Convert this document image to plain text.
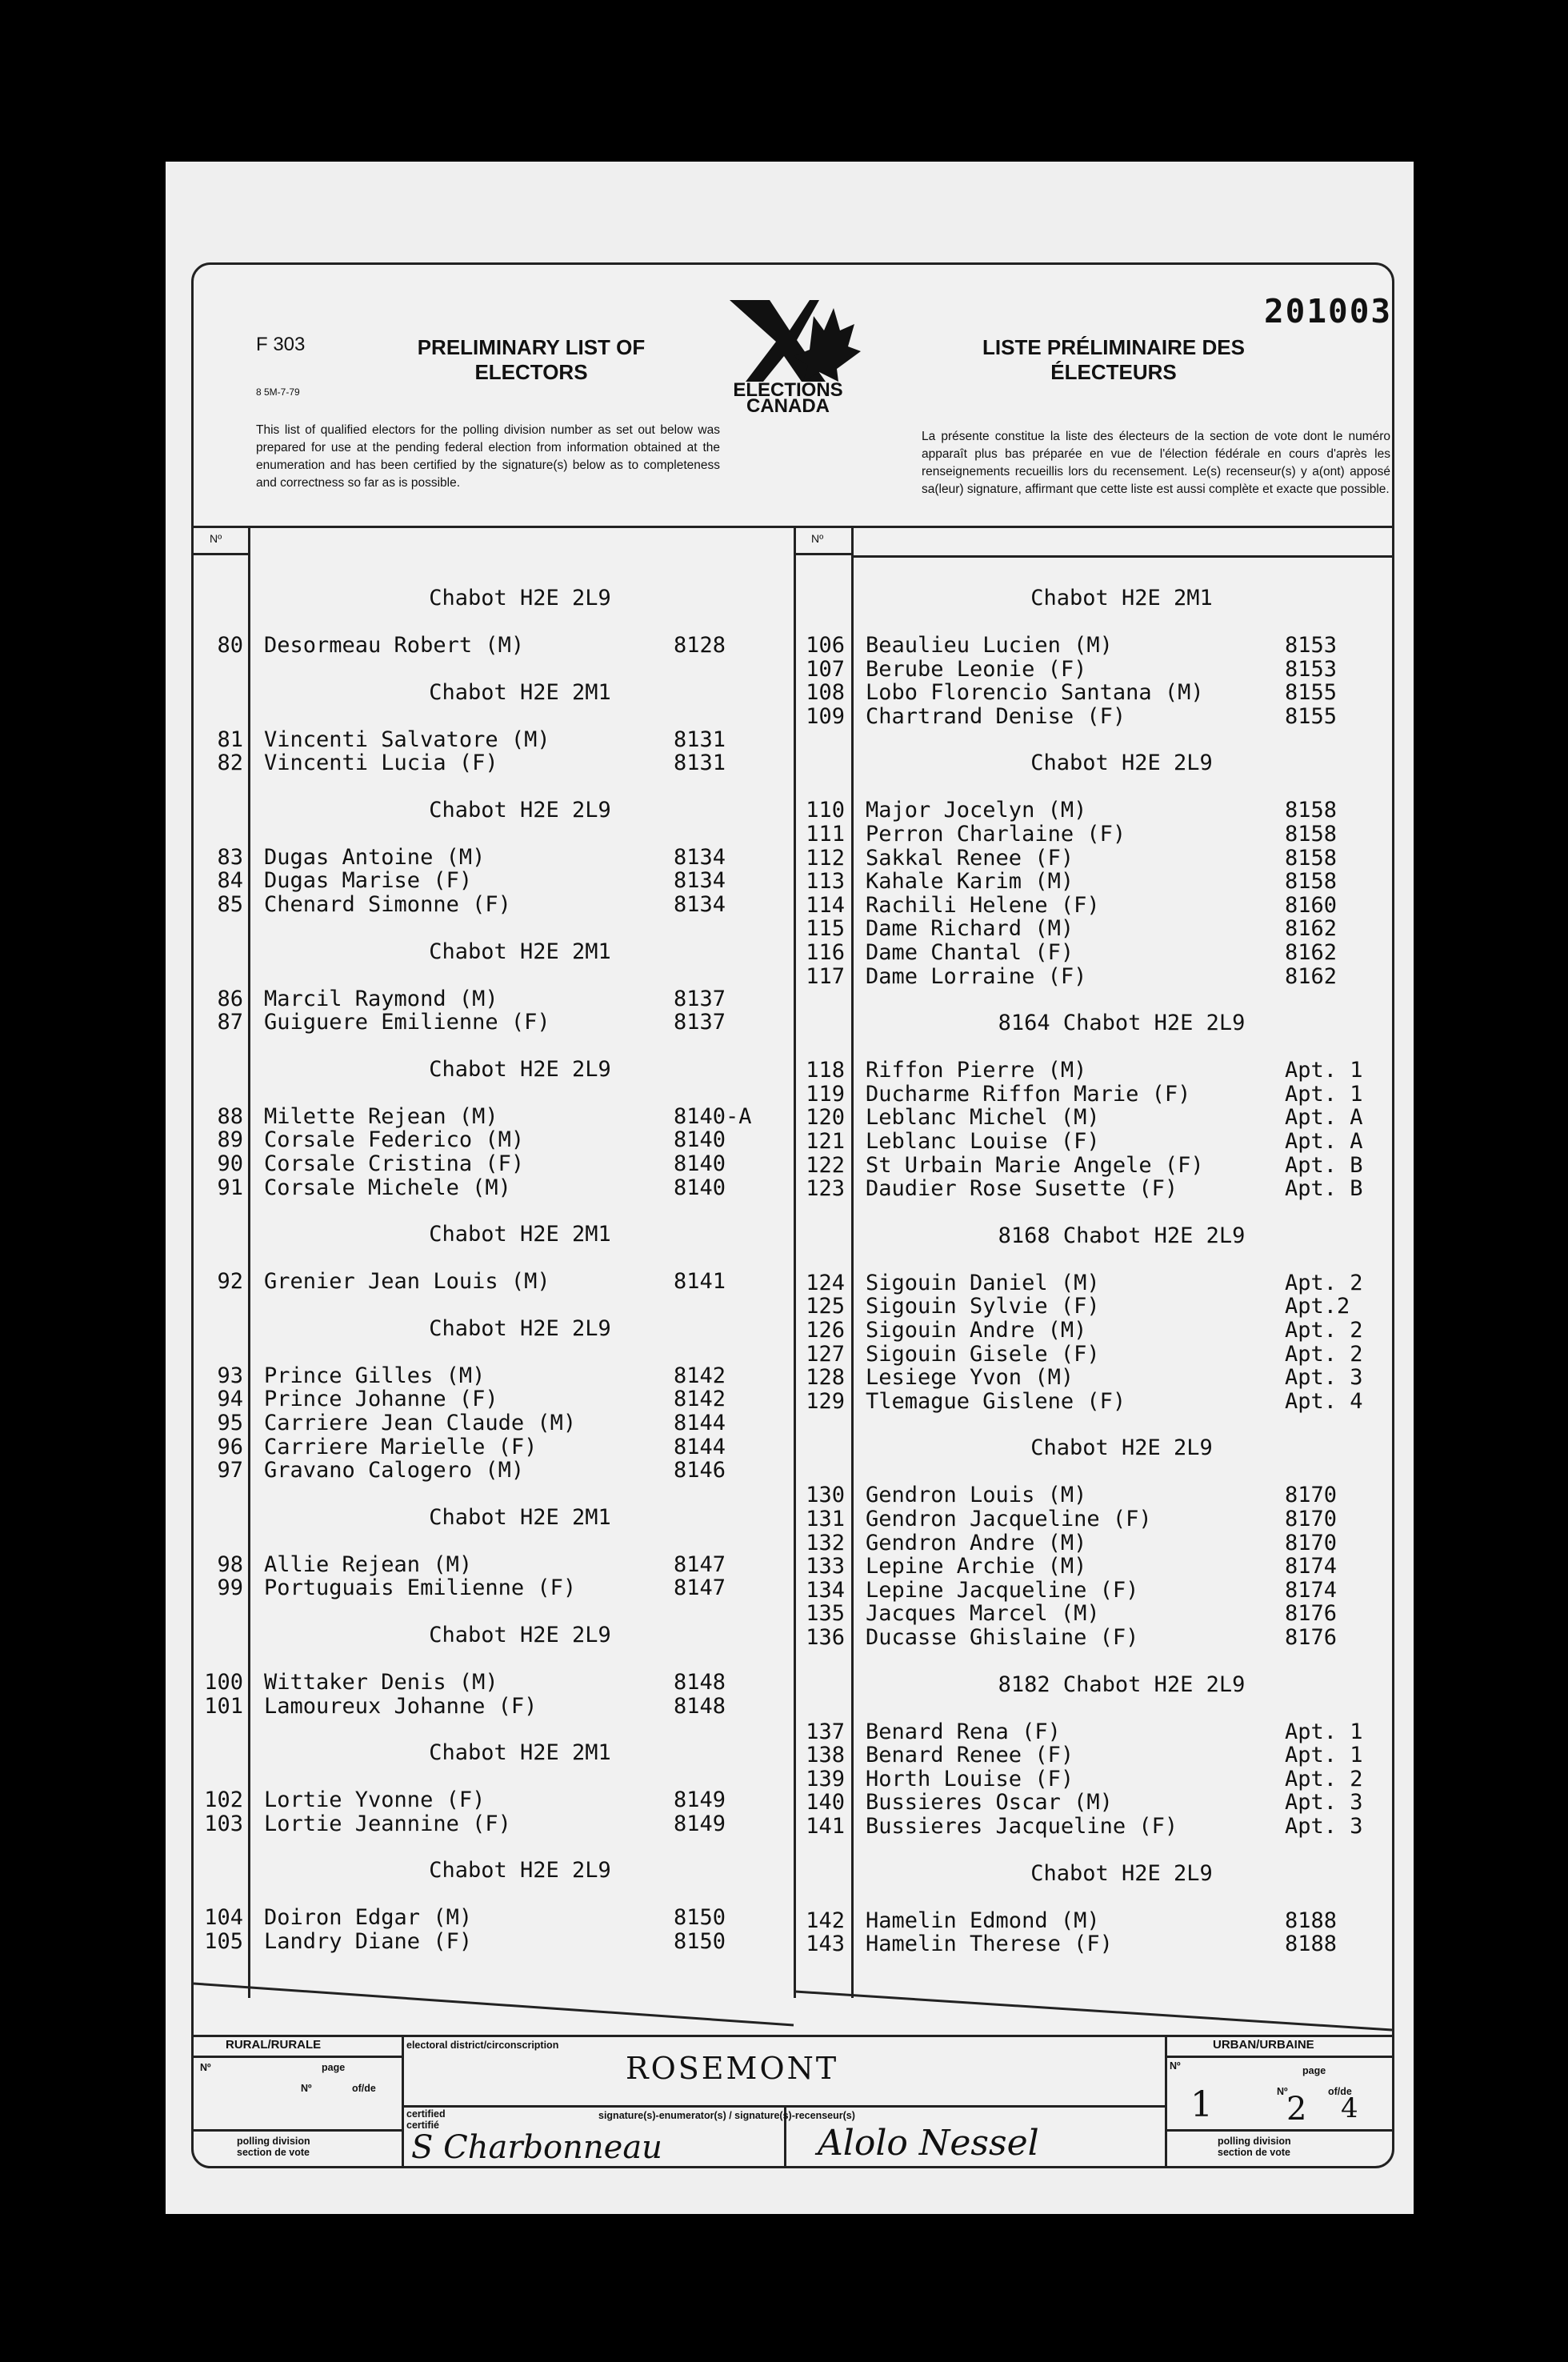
F 303
8 5M-7-79
PRELIMINARY LIST OF ELECTORS
LISTE PRÉLIMINAIRE DES ÉLECTEURS
201003
ELECTIONS
CANADA
This list of qualified electors for the polling division number as set out below was prepared for use at the pending federal election from information obtained at the enumeration and has been certified by the signature(s) below as to completeness and correctness so far as is possible.
La présente constitue la liste des électeurs de la section de vote dont le numéro apparaît plus bas préparée en vue de l'élection fédérale en cours d'après les renseignements recueillis lors du recensement. Le(s) recenseur(s) y a(ont) apposé sa(leur) signature, affirmant que cette liste est aussi complète et exacte que possible.
Nº	Nº
Chabot H2E 2L9
80 Desormeau Robert (M)	8128
Chabot H2E 2M1
81 Vincenti Salvatore (M)	8131
82 Vincenti Lucia (F)	8131
Chabot H2E 2L9
83 Dugas Antoine (M)	8134
84 Dugas Marise (F)	8134
85 Chenard Simonne (F)	8134
Chabot H2E 2M1
86 Marcil Raymond (M)	8137
87 Guiguere Emilienne (F)	8137
Chabot H2E 2L9
88 Milette Rejean (M)	8140-A
89 Corsale Federico (M)	8140
90 Corsale Cristina (F)	8140
91 Corsale Michele (M)	8140
Chabot H2E 2M1
92 Grenier Jean Louis (M)	8141
Chabot H2E 2L9
93 Prince Gilles (M)	8142
94 Prince Johanne (F)	8142
95 Carriere Jean Claude (M)	8144
96 Carriere Marielle (F)	8144
97 Gravano Calogero (M)	8146
Chabot H2E 2M1
98 Allie Rejean (M)	8147
99 Portuguais Emilienne (F)	8147
Chabot H2E 2L9
100 Wittaker Denis (M)	8148
101 Lamoureux Johanne (F)	8148
Chabot H2E 2M1
102 Lortie Yvonne (F)	8149
103 Lortie Jeannine (F)	8149
Chabot H2E 2L9
104 Doiron Edgar (M)	8150
105 Landry Diane (F)	8150
Chabot H2E 2M1
106 Beaulieu Lucien (M)	8153
107 Berube Leonie (F)	8153
108 Lobo Florencio Santana (M)	8155
109 Chartrand Denise (F)	8155
Chabot H2E 2L9
110 Major Jocelyn (M)	8158
111 Perron Charlaine (F)	8158
112 Sakkal Renee (F)	8158
113 Kahale Karim (M)	8158
114 Rachili Helene (F)	8160
115 Dame Richard (M)	8162
116 Dame Chantal (F)	8162
117 Dame Lorraine (F)	8162
8164 Chabot H2E 2L9
118 Riffon Pierre (M)	Apt. 1
119 Ducharme Riffon Marie (F)	Apt. 1
120 Leblanc Michel (M)	Apt. A
121 Leblanc Louise (F)	Apt. A
122 St Urbain Marie Angele (F)	Apt. B
123 Daudier Rose Susette (F)	Apt. B
8168 Chabot H2E 2L9
124 Sigouin Daniel (M)	Apt. 2
125 Sigouin Sylvie (F)	Apt.2
126 Sigouin Andre (M)	Apt. 2
127 Sigouin Gisele (F)	Apt. 2
128 Lesiege Yvon (M)	Apt. 3
129 Tlemague Gislene (F)	Apt. 4
Chabot H2E 2L9
130 Gendron Louis (M)	8170
131 Gendron Jacqueline (F)	8170
132 Gendron Andre (M)	8170
133 Lepine Archie (M)	8174
134 Lepine Jacqueline (F)	8174
135 Jacques Marcel (M)	8176
136 Ducasse Ghislaine (F)	8176
8182 Chabot H2E 2L9
137 Benard Rena (F)	Apt. 1
138 Benard Renee (F)	Apt. 1
139 Horth Louise (F)	Apt. 2
140 Bussieres Oscar (M)	Apt. 3
141 Bussieres Jacqueline (F)	Apt. 3
Chabot H2E 2L9
142 Hamelin Edmond (M)	8188
143 Hamelin Therese (F)	8188
RURAL/RURALE
Nº	page
Nº	of/de
polling division
section de vote
electoral district/circonscription
ROSEMONT
certified
certifié
signature(s)-enumerator(s) / signature(s)-recenseur(s)
S Charbonneau	Alolo Nessel
URBAN/URBAINE
Nº	page
Nº	of/de
1 2 4
polling division
section de vote
